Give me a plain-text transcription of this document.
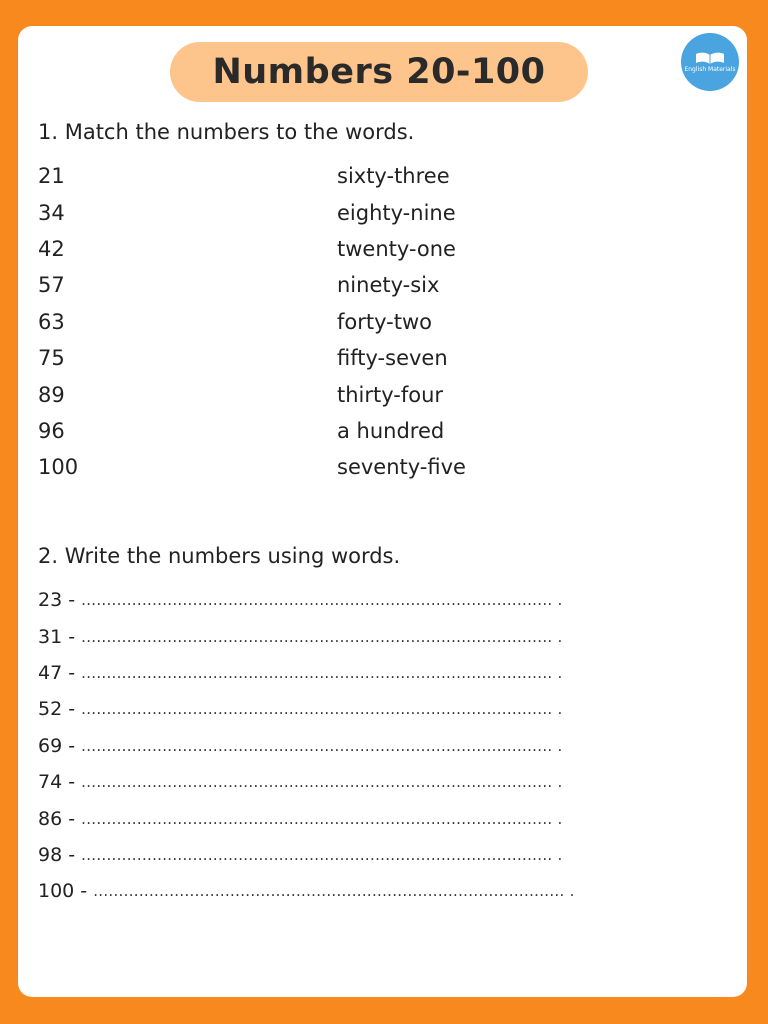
Numbers 20-100	English Materials
1. Match the numbers to the words.
21	sixty-three
34	eighty-nine
42	twenty-one
57	ninety-six
63	forty-two
75	fifty-seven
89	thirty-four
96	a hundred
100	seventy-five
2. Write the numbers using words.
23 -
............................................................................................. .
31 -
............................................................................................. .
47 -
............................................................................................. .
52 -
............................................................................................. .
69 -
............................................................................................. .
74 -
............................................................................................. .
86 -
............................................................................................. .
98 -
............................................................................................. .
100 -
............................................................................................. .
